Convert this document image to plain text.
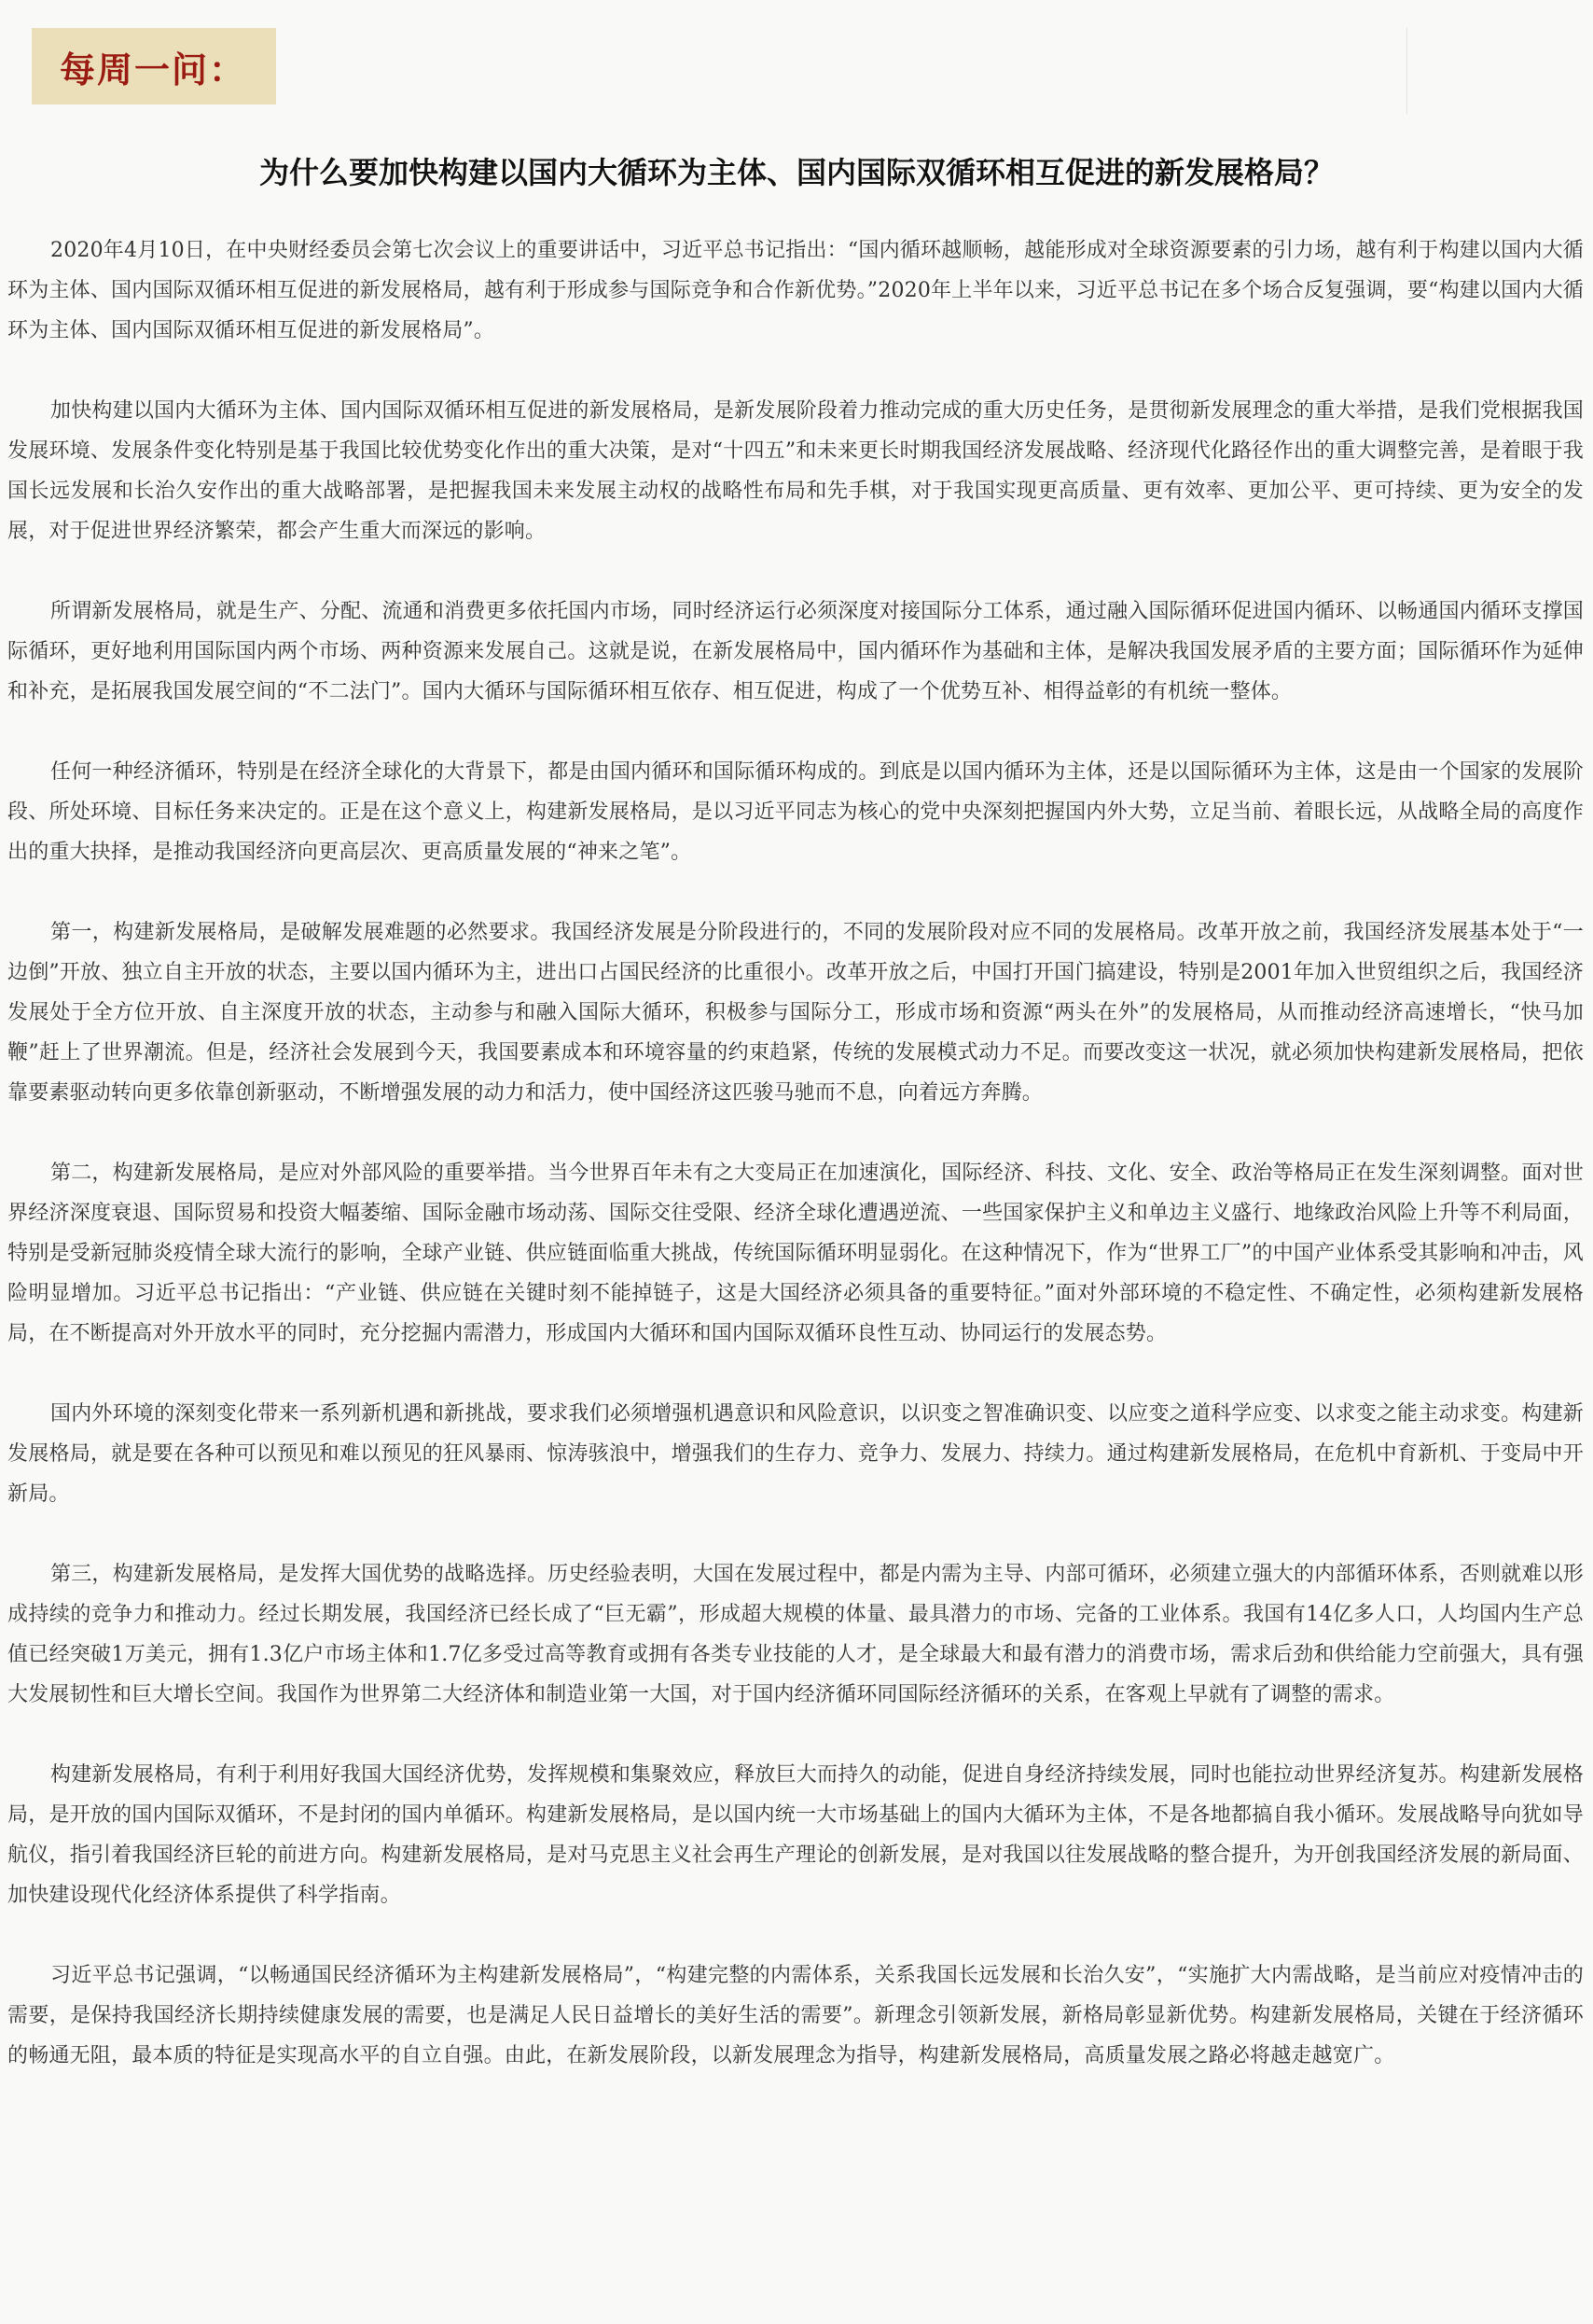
每周一问：
为什么要加快构建以国内大循环为主体、国内国际双循环相互促进的新发展格局？

2020年4月10日，在中央财经委员会第七次会议上的重要讲话中，习近平总书记指出：“国内循环越顺畅，越能形成对全球资源要素的引力场，越有利于构建以国内大循环为主体、国内国际双循环相互促进的新发展格局，越有利于形成参与国际竞争和合作新优势。”2020年上半年以来，习近平总书记在多个场合反复强调，要“构建以国内大循环为主体、国内国际双循环相互促进的新发展格局”。

加快构建以国内大循环为主体、国内国际双循环相互促进的新发展格局，是新发展阶段着力推动完成的重大历史任务，是贯彻新发展理念的重大举措，是我们党根据我国发展环境、发展条件变化特别是基于我国比较优势变化作出的重大决策，是对“十四五”和未来更长时期我国经济发展战略、经济现代化路径作出的重大调整完善，是着眼于我国长远发展和长治久安作出的重大战略部署，是把握我国未来发展主动权的战略性布局和先手棋，对于我国实现更高质量、更有效率、更加公平、更可持续、更为安全的发展，对于促进世界经济繁荣，都会产生重大而深远的影响。

所谓新发展格局，就是生产、分配、流通和消费更多依托国内市场，同时经济运行必须深度对接国际分工体系，通过融入国际循环促进国内循环、以畅通国内循环支撑国际循环，更好地利用国际国内两个市场、两种资源来发展自己。这就是说，在新发展格局中，国内循环作为基础和主体，是解决我国发展矛盾的主要方面；国际循环作为延伸和补充，是拓展我国发展空间的“不二法门”。国内大循环与国际循环相互依存、相互促进，构成了一个优势互补、相得益彰的有机统一整体。

任何一种经济循环，特别是在经济全球化的大背景下，都是由国内循环和国际循环构成的。到底是以国内循环为主体，还是以国际循环为主体，这是由一个国家的发展阶段、所处环境、目标任务来决定的。正是在这个意义上，构建新发展格局，是以习近平同志为核心的党中央深刻把握国内外大势，立足当前、着眼长远，从战略全局的高度作出的重大抉择，是推动我国经济向更高层次、更高质量发展的“神来之笔”。

第一，构建新发展格局，是破解发展难题的必然要求。我国经济发展是分阶段进行的，不同的发展阶段对应不同的发展格局。改革开放之前，我国经济发展基本处于“一边倒”开放、独立自主开放的状态，主要以国内循环为主，进出口占国民经济的比重很小。改革开放之后，中国打开国门搞建设，特别是2001年加入世贸组织之后，我国经济发展处于全方位开放、自主深度开放的状态，主动参与和融入国际大循环，积极参与国际分工，形成市场和资源“两头在外”的发展格局，从而推动经济高速增长，“快马加鞭”赶上了世界潮流。但是，经济社会发展到今天，我国要素成本和环境容量的约束趋紧，传统的发展模式动力不足。而要改变这一状况，就必须加快构建新发展格局，把依靠要素驱动转向更多依靠创新驱动，不断增强发展的动力和活力，使中国经济这匹骏马驰而不息，向着远方奔腾。

第二，构建新发展格局，是应对外部风险的重要举措。当今世界百年未有之大变局正在加速演化，国际经济、科技、文化、安全、政治等格局正在发生深刻调整。面对世界经济深度衰退、国际贸易和投资大幅萎缩、国际金融市场动荡、国际交往受限、经济全球化遭遇逆流、一些国家保护主义和单边主义盛行、地缘政治风险上升等不利局面，特别是受新冠肺炎疫情全球大流行的影响，全球产业链、供应链面临重大挑战，传统国际循环明显弱化。在这种情况下，作为“世界工厂”的中国产业体系受其影响和冲击，风险明显增加。习近平总书记指出：“产业链、供应链在关键时刻不能掉链子，这是大国经济必须具备的重要特征。”面对外部环境的不稳定性、不确定性，必须构建新发展格局，在不断提高对外开放水平的同时，充分挖掘内需潜力，形成国内大循环和国内国际双循环良性互动、协同运行的发展态势。

国内外环境的深刻变化带来一系列新机遇和新挑战，要求我们必须增强机遇意识和风险意识，以识变之智准确识变、以应变之道科学应变、以求变之能主动求变。构建新发展格局，就是要在各种可以预见和难以预见的狂风暴雨、惊涛骇浪中，增强我们的生存力、竞争力、发展力、持续力。通过构建新发展格局，在危机中育新机、于变局中开新局。

第三，构建新发展格局，是发挥大国优势的战略选择。历史经验表明，大国在发展过程中，都是内需为主导、内部可循环，必须建立强大的内部循环体系，否则就难以形成持续的竞争力和推动力。经过长期发展，我国经济已经长成了“巨无霸”，形成超大规模的体量、最具潜力的市场、完备的工业体系。我国有14亿多人口，人均国内生产总值已经突破1万美元，拥有1.3亿户市场主体和1.7亿多受过高等教育或拥有各类专业技能的人才，是全球最大和最有潜力的消费市场，需求后劲和供给能力空前强大，具有强大发展韧性和巨大增长空间。我国作为世界第二大经济体和制造业第一大国，对于国内经济循环同国际经济循环的关系，在客观上早就有了调整的需求。

构建新发展格局，有利于利用好我国大国经济优势，发挥规模和集聚效应，释放巨大而持久的动能，促进自身经济持续发展，同时也能拉动世界经济复苏。构建新发展格局，是开放的国内国际双循环，不是封闭的国内单循环。构建新发展格局，是以国内统一大市场基础上的国内大循环为主体，不是各地都搞自我小循环。发展战略导向犹如导航仪，指引着我国经济巨轮的前进方向。构建新发展格局，是对马克思主义社会再生产理论的创新发展，是对我国以往发展战略的整合提升，为开创我国经济发展的新局面、加快建设现代化经济体系提供了科学指南。

习近平总书记强调，“以畅通国民经济循环为主构建新发展格局”，“构建完整的内需体系，关系我国长远发展和长治久安”，“实施扩大内需战略，是当前应对疫情冲击的需要，是保持我国经济长期持续健康发展的需要，也是满足人民日益增长的美好生活的需要”。新理念引领新发展，新格局彰显新优势。构建新发展格局，关键在于经济循环的畅通无阻，最本质的特征是实现高水平的自立自强。由此，在新发展阶段，以新发展理念为指导，构建新发展格局，高质量发展之路必将越走越宽广。
